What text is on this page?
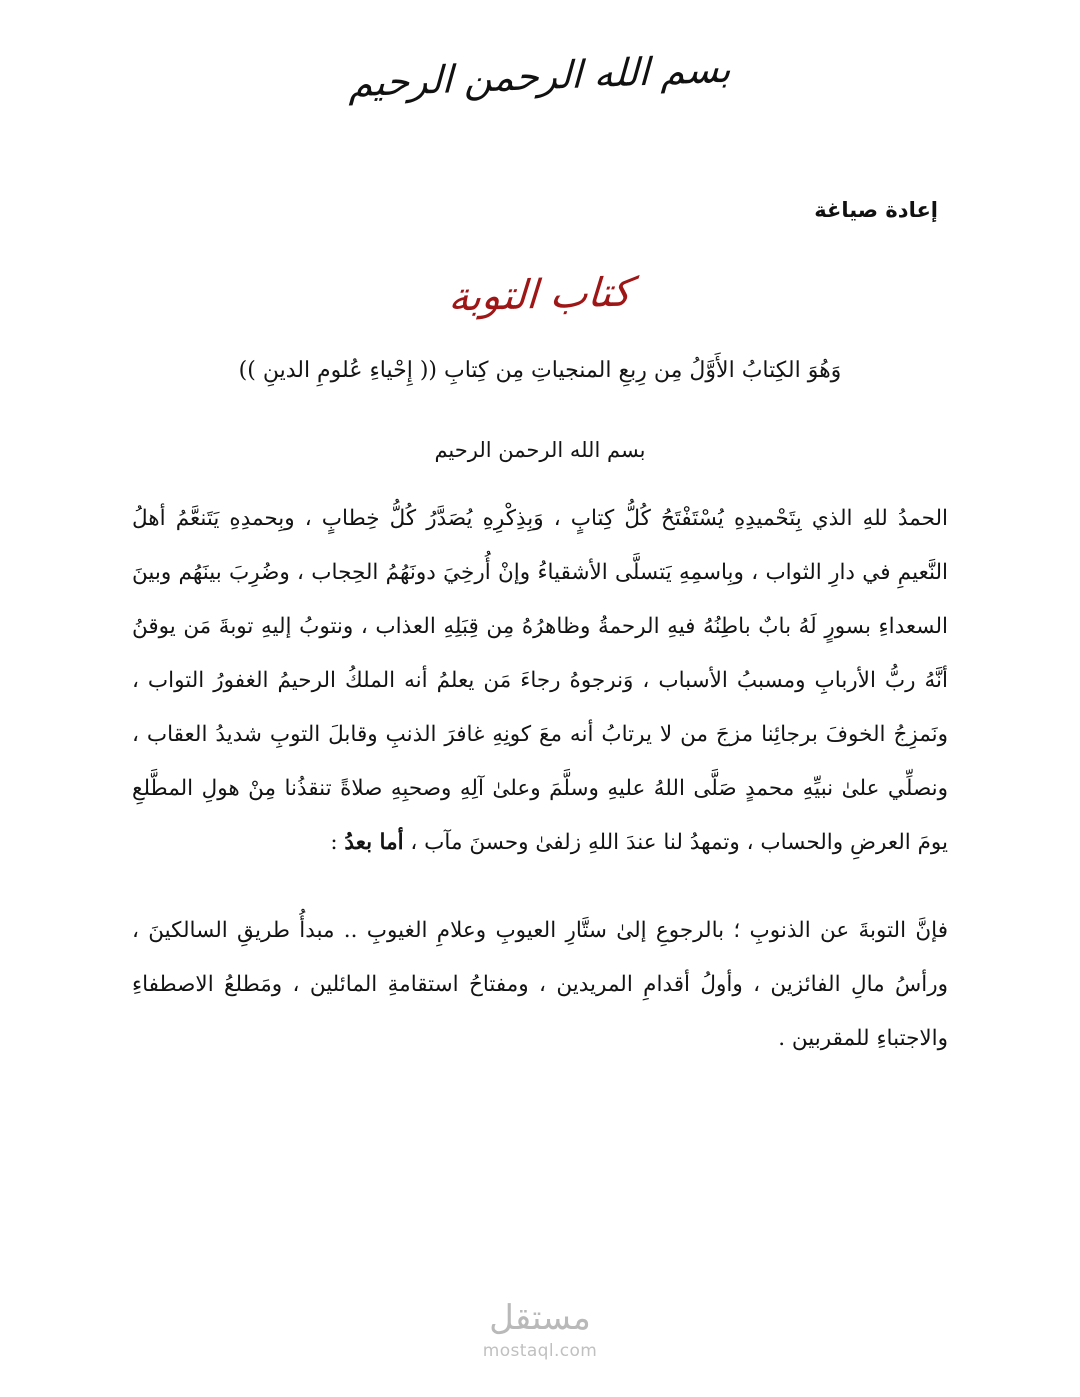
بسم الله الرحمن الرحيم
إعادة صياغة
كتاب التوبة
وَهُوَ الكِتابُ الأَوَّلُ مِن رِبعِ المنجياتِ مِن كِتابِ (( إِحْياءِ عُلومِ الدينِ ))
بسم الله الرحمن الرحيم

الحمدُ للهِ الذي بِتَحْميدِهِ يُسْتَفْتَحُ كُلُّ كِتابٍ ، وَبِذِكْرِهِ يُصَدَّرُ كُلُّ خِطابٍ ، وبِحمدِهِ يَتَنعَّمُ أهلُ النَّعيمِ في دارِ الثواب ، وبِاسمِهِ يَتسلَّى الأشقياءُ وإنْ أُرخِيَ دونَهُمُ الحِجاب ، وضُرِبَ بينَهُم وبينَ السعداءِ بسورٍ لَهُ بابٌ باطِنُهُ فيهِ الرحمةُ وظاهرُهُ مِن قِبَلِهِ العذاب ، ونتوبُ إليهِ توبةَ مَن يوقنُ أنَّهُ ربُّ الأربابِ ومسببُ الأسباب ، وَنرجوهُ رجاءَ مَن يعلمُ أنه الملكُ الرحيمُ الغفورُ التواب ، ونَمزِجُ الخوفَ برجائِنا مزجَ من لا يرتابُ أنه معَ كونِهِ غافرَ الذنبِ وقابلَ التوبِ شديدُ العقاب ، ونصلِّي علىٰ نبيِّهِ محمدٍ صَلَّى اللهُ عليهِ وسلَّمَ وعلىٰ آلِهِ وصحبِهِ صلاةً تنقذُنا مِنْ هولِ المطَّلعِ يومَ العرضِ والحساب ، وتمهدُ لنا عندَ اللهِ زلفىٰ وحسنَ مآب ، أما بعدُ :

فإنَّ التوبةَ عن الذنوبِ ؛ بالرجوعِ إلىٰ ستَّارِ العيوبِ وعلامِ الغيوبِ .. مبدأُ طريقِ السالكينَ ، ورأسُ مالِ الفائزين ، وأولُ أقدامِ المريدين ، ومفتاحُ استقامةِ المائلين ، ومَطلعُ الاصطفاءِ والاجتباءِ للمقربين .

مستقل
mostaql.com
